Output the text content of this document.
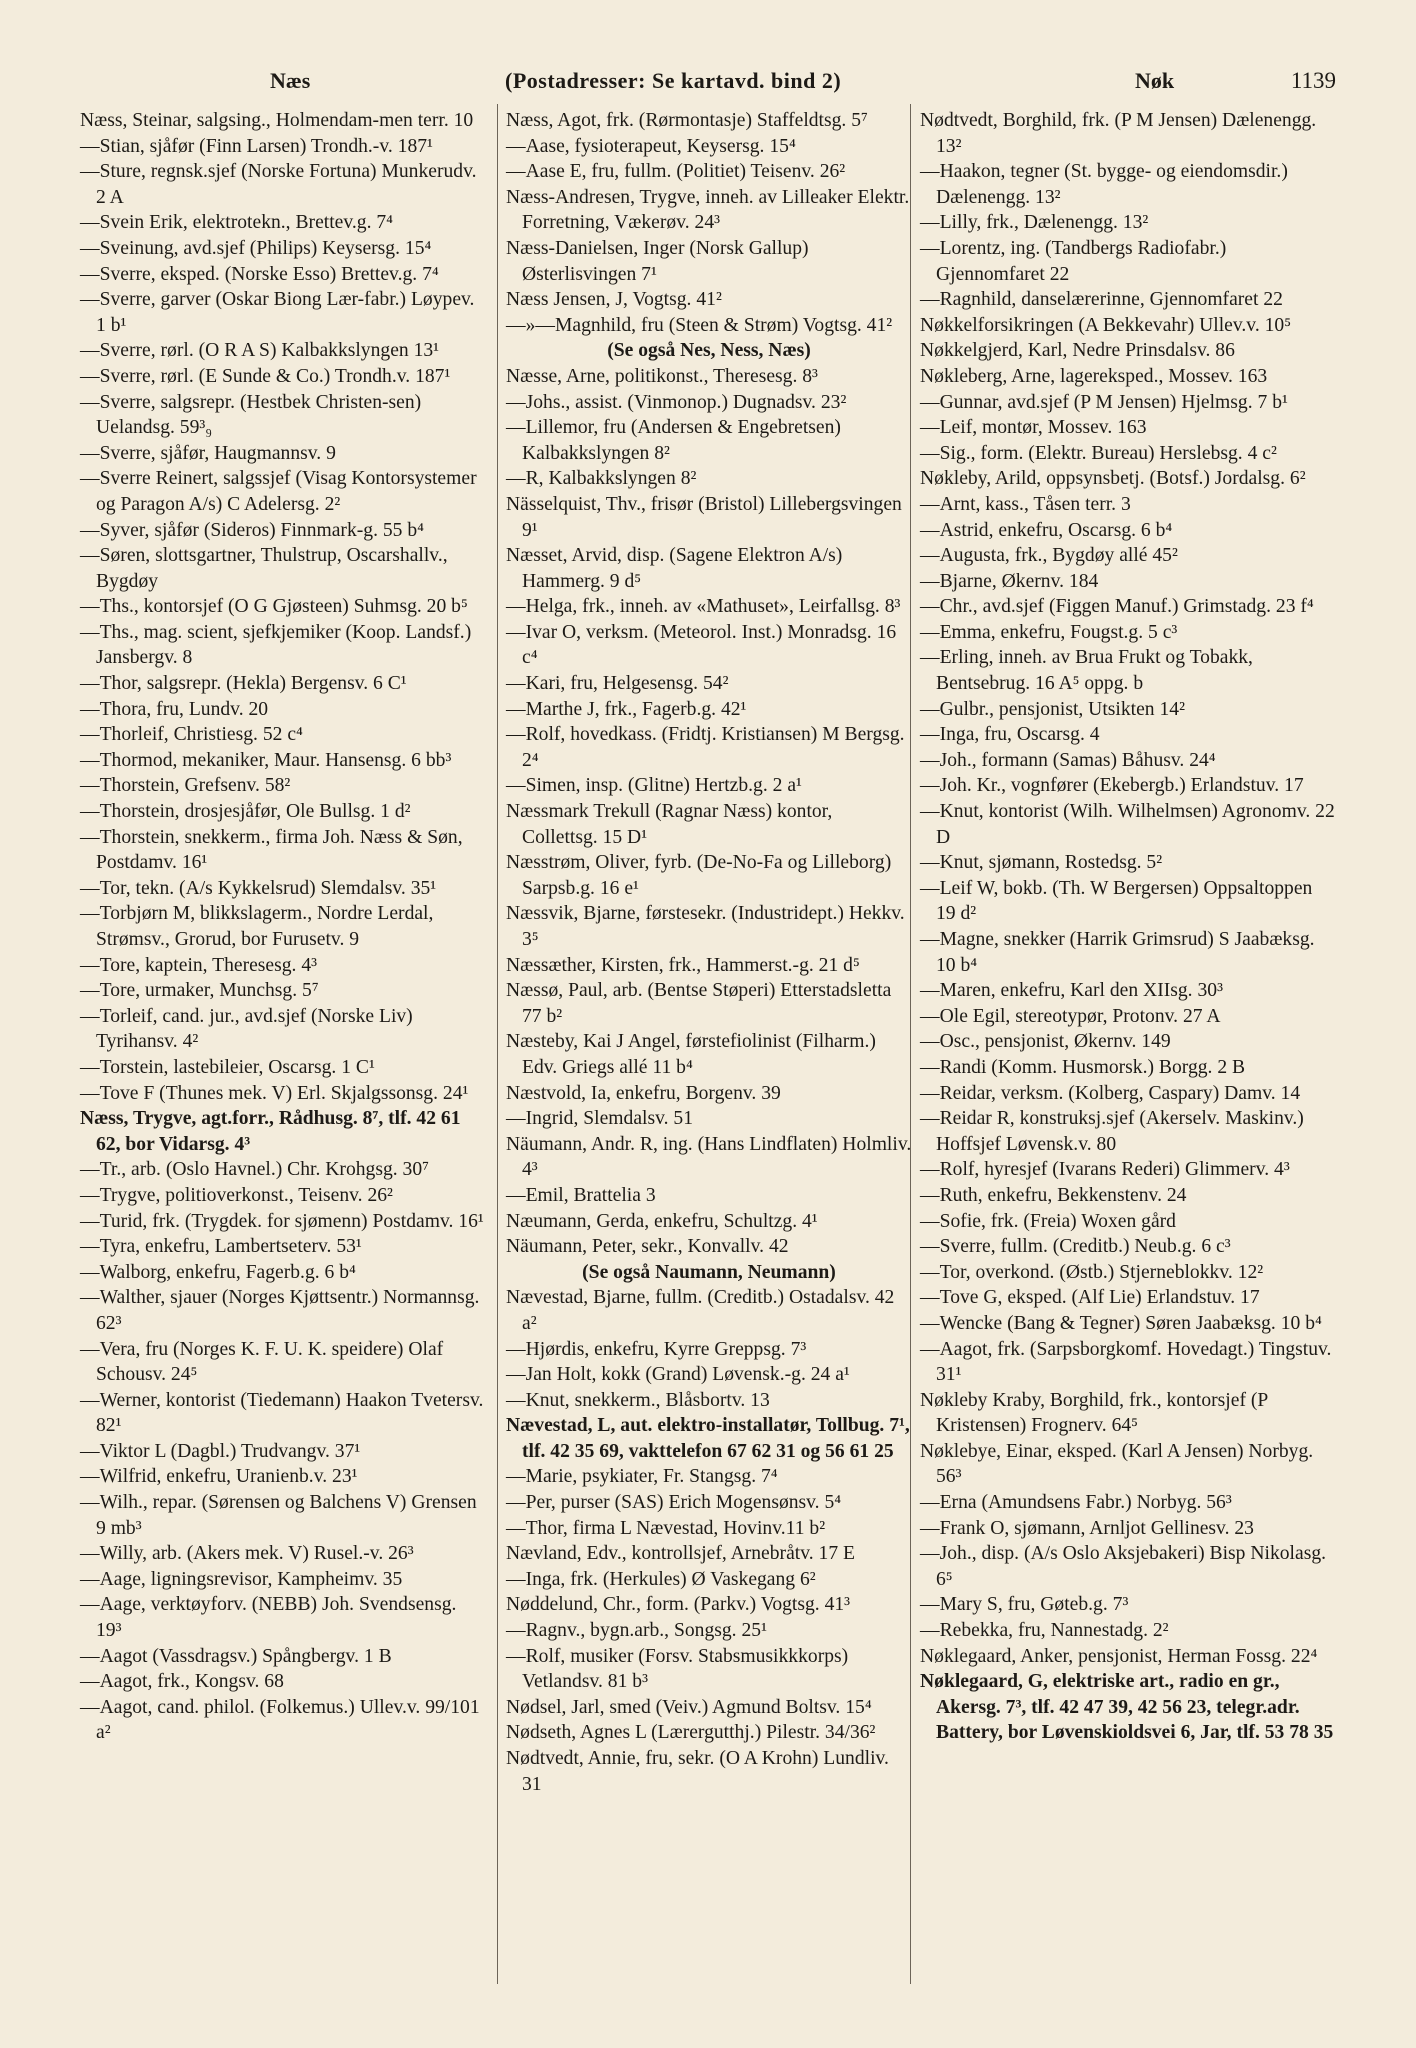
Næs	(Postadresser: Se kartavd. bind 2)	Nøk	1139
Næss, Steinar, salgsing., Holmendam-men terr. 10
—Stian, sjåfør (Finn Larsen) Trondh.-v. 187¹
—Sture, regnsk.sjef (Norske Fortuna) Munkerudv. 2 A
—Svein Erik, elektrotekn., Brettev.g. 7⁴
—Sveinung, avd.sjef (Philips) Keysersg. 15⁴
—Sverre, eksped. (Norske Esso) Brettev.g. 7⁴
—Sverre, garver (Oskar Biong Lær-fabr.) Løypev. 1 b¹
—Sverre, rørl. (O R A S) Kalbakkslyngen 13¹
—Sverre, rørl. (E Sunde & Co.) Trondh.v. 187¹
—Sverre, salgsrepr. (Hestbek Christen-sen) Uelandsg. 59³₉
—Sverre, sjåfør, Haugmannsv. 9
—Sverre Reinert, salgssjef (Visag Kontorsystemer og Paragon A/s) C Adelersg. 2²
—Syver, sjåfør (Sideros) Finnmark-g. 55 b⁴
—Søren, slottsgartner, Thulstrup, Oscarshallv., Bygdøy
—Ths., kontorsjef (O G Gjøsteen) Suhmsg. 20 b⁵
—Ths., mag. scient, sjefkjemiker (Koop. Landsf.) Jansbergv. 8
—Thor, salgsrepr. (Hekla) Bergensv. 6 C¹
—Thora, fru, Lundv. 20
—Thorleif, Christiesg. 52 c⁴
—Thormod, mekaniker, Maur. Hansensg. 6 bb³
—Thorstein, Grefsenv. 58²
—Thorstein, drosjesjåfør, Ole Bullsg. 1 d²
—Thorstein, snekkerm., firma Joh. Næss & Søn, Postdamv. 16¹
—Tor, tekn. (A/s Kykkelsrud) Slemdalsv. 35¹
—Torbjørn M, blikkslagerm., Nordre Lerdal, Strømsv., Grorud, bor Furusetv. 9
—Tore, kaptein, Theresesg. 4³
—Tore, urmaker, Munchsg. 5⁷
—Torleif, cand. jur., avd.sjef (Norske Liv) Tyrihansv. 4²
—Torstein, lastebileier, Oscarsg. 1 C¹
—Tove F (Thunes mek. V) Erl. Skjalgssonsg. 24¹
Næss, Trygve, agt.forr., Rådhusg. 8⁷, tlf. 42 61 62, bor Vidarsg. 4³
—Tr., arb. (Oslo Havnel.) Chr. Krohgsg. 30⁷
—Trygve, politioverkonst., Teisenv. 26²
—Turid, frk. (Trygdek. for sjømenn) Postdamv. 16¹
—Tyra, enkefru, Lambertseterv. 53¹
—Walborg, enkefru, Fagerb.g. 6 b⁴
—Walther, sjauer (Norges Kjøttsentr.) Normannsg. 62³
—Vera, fru (Norges K. F. U. K. speidere) Olaf Schousv. 24⁵
—Werner, kontorist (Tiedemann) Haakon Tvetersv. 82¹
—Viktor L (Dagbl.) Trudvangv. 37¹
—Wilfrid, enkefru, Uranienb.v. 23¹
—Wilh., repar. (Sørensen og Balchens V) Grensen 9 mb³
—Willy, arb. (Akers mek. V) Rusel.-v. 26³
—Aage, ligningsrevisor, Kampheimv. 35
—Aage, verktøyforv. (NEBB) Joh. Svendsensg. 19³
—Aagot (Vassdragsv.) Spångbergv. 1 B
—Aagot, frk., Kongsv. 68
—Aagot, cand. philol. (Folkemus.) Ullev.v. 99/101 a²
Næss, Agot, frk. (Rørmontasje) Staffeldtsg. 5⁷
—Aase, fysioterapeut, Keysersg. 15⁴
—Aase E, fru, fullm. (Politiet) Teisenv. 26²
Næss-Andresen, Trygve, inneh. av Lilleaker Elektr. Forretning, Vækerøv. 24³
Næss-Danielsen, Inger (Norsk Gallup) Østerlisvingen 7¹
Næss Jensen, J, Vogtsg. 41²
—»—Magnhild, fru (Steen & Strøm) Vogtsg. 41²
(Se også Nes, Ness, Næs)
Næsse, Arne, politikonst., Theresesg. 8³
—Johs., assist. (Vinmonop.) Dugnadsv. 23²
—Lillemor, fru (Andersen & Engebretsen) Kalbakkslyngen 8²
—R, Kalbakkslyngen 8²
Nässelquist, Thv., frisør (Bristol) Lillebergsvingen 9¹
Næsset, Arvid, disp. (Sagene Elektron A/s) Hammerg. 9 d⁵
—Helga, frk., inneh. av «Mathuset», Leirfallsg. 8³
—Ivar O, verksm. (Meteorol. Inst.) Monradsg. 16 c⁴
—Kari, fru, Helgesensg. 54²
—Marthe J, frk., Fagerb.g. 42¹
—Rolf, hovedkass. (Fridtj. Kristiansen) M Bergsg. 2⁴
—Simen, insp. (Glitne) Hertzb.g. 2 a¹
Næssmark Trekull (Ragnar Næss) kontor, Collettsg. 15 D¹
Næsstrøm, Oliver, fyrb. (De-No-Fa og Lilleborg) Sarpsb.g. 16 e¹
Næssvik, Bjarne, førstesekr. (Industridept.) Hekkv. 3⁵
Næssæther, Kirsten, frk., Hammerst.-g. 21 d⁵
Næssø, Paul, arb. (Bentse Støperi) Etterstadsletta 77 b²
Næsteby, Kai J Angel, førstefiolinist (Filharm.) Edv. Griegs allé 11 b⁴
Næstvold, Ia, enkefru, Borgenv. 39
—Ingrid, Slemdalsv. 51
Näumann, Andr. R, ing. (Hans Lindflaten) Holmliv. 4³
—Emil, Brattelia 3
Næumann, Gerda, enkefru, Schultzg. 4¹
Näumann, Peter, sekr., Konvallv. 42
(Se også Naumann, Neumann)
Nævestad, Bjarne, fullm. (Creditb.) Ostadalsv. 42 a²
—Hjørdis, enkefru, Kyrre Greppsg. 7³
—Jan Holt, kokk (Grand) Løvensk.-g. 24 a¹
—Knut, snekkerm., Blåsbortv. 13
Nævestad, L, aut. elektro-installatør, Tollbug. 7¹, tlf. 42 35 69, vakttelefon 67 62 31 og 56 61 25
—Marie, psykiater, Fr. Stangsg. 7⁴
—Per, purser (SAS) Erich Mogensønsv. 5⁴
—Thor, firma L Nævestad, Hovinv.11 b²
Nævland, Edv., kontrollsjef, Arnebråtv. 17 E
—Inga, frk. (Herkules) Ø Vaskegang 6²
Nøddelund, Chr., form. (Parkv.) Vogtsg. 41³
—Ragnv., bygn.arb., Songsg. 25¹
—Rolf, musiker (Forsv. Stabsmusikkkorps) Vetlandsv. 81 b³
Nødsel, Jarl, smed (Veiv.) Agmund Boltsv. 15⁴
Nødseth, Agnes L (Lærergutthj.) Pilestr. 34/36²
Nødtvedt, Annie, fru, sekr. (O A Krohn) Lundliv. 31
Nødtvedt, Borghild, frk. (P M Jensen) Dælenengg. 13²
—Haakon, tegner (St. bygge- og eiendomsdir.) Dælenengg. 13²
—Lilly, frk., Dælenengg. 13²
—Lorentz, ing. (Tandbergs Radiofabr.) Gjennomfaret 22
—Ragnhild, danselærerinne, Gjennomfaret 22
Nøkkelforsikringen (A Bekkevahr) Ullev.v. 10⁵
Nøkkelgjerd, Karl, Nedre Prinsdalsv. 86
Nøkleberg, Arne, lagereksped., Mossev. 163
—Gunnar, avd.sjef (P M Jensen) Hjelmsg. 7 b¹
—Leif, montør, Mossev. 163
—Sig., form. (Elektr. Bureau) Herslebsg. 4 c²
Nøkleby, Arild, oppsynsbetj. (Botsf.) Jordalsg. 6²
—Arnt, kass., Tåsen terr. 3
—Astrid, enkefru, Oscarsg. 6 b⁴
—Augusta, frk., Bygdøy allé 45²
—Bjarne, Økernv. 184
—Chr., avd.sjef (Figgen Manuf.) Grimstadg. 23 f⁴
—Emma, enkefru, Fougst.g. 5 c³
—Erling, inneh. av Brua Frukt og Tobakk, Bentsebrug. 16 A⁵ oppg. b
—Gulbr., pensjonist, Utsikten 14²
—Inga, fru, Oscarsg. 4
—Joh., formann (Samas) Båhusv. 24⁴
—Joh. Kr., vognfører (Ekebergb.) Erlandstuv. 17
—Knut, kontorist (Wilh. Wilhelmsen) Agronomv. 22 D
—Knut, sjømann, Rostedsg. 5²
—Leif W, bokb. (Th. W Bergersen) Oppsaltoppen 19 d²
—Magne, snekker (Harrik Grimsrud) S Jaabæksg. 10 b⁴
—Maren, enkefru, Karl den XIIsg. 30³
—Ole Egil, stereotypør, Protonv. 27 A
—Osc., pensjonist, Økernv. 149
—Randi (Komm. Husmorsk.) Borgg. 2 B
—Reidar, verksm. (Kolberg, Caspary) Damv. 14
—Reidar R, konstruksj.sjef (Akerselv. Maskinv.) Hoffsjef Løvensk.v. 80
—Rolf, hyresjef (Ivarans Rederi) Glimmerv. 4³
—Ruth, enkefru, Bekkenstenv. 24
—Sofie, frk. (Freia) Woxen gård
—Sverre, fullm. (Creditb.) Neub.g. 6 c³
—Tor, overkond. (Østb.) Stjerneblokkv. 12²
—Tove G, eksped. (Alf Lie) Erlandstuv. 17
—Wencke (Bang & Tegner) Søren Jaabæksg. 10 b⁴
—Aagot, frk. (Sarpsborgkomf. Hovedagt.) Tingstuv. 31¹
Nøkleby Kraby, Borghild, frk., kontorsjef (P Kristensen) Frognerv. 64⁵
Nøklebye, Einar, eksped. (Karl A Jensen) Norbyg. 56³
—Erna (Amundsens Fabr.) Norbyg. 56³
—Frank O, sjømann, Arnljot Gellinesv. 23
—Joh., disp. (A/s Oslo Aksjebakeri) Bisp Nikolasg. 6⁵
—Mary S, fru, Gøteb.g. 7³
—Rebekka, fru, Nannestadg. 2²
Nøklegaard, Anker, pensjonist, Herman Fossg. 22⁴
Nøklegaard, G, elektriske art., radio en gr., Akersg. 7³, tlf. 42 47 39, 42 56 23, telegr.adr. Battery, bor Løvenskioldsvei 6, Jar, tlf. 53 78 35
